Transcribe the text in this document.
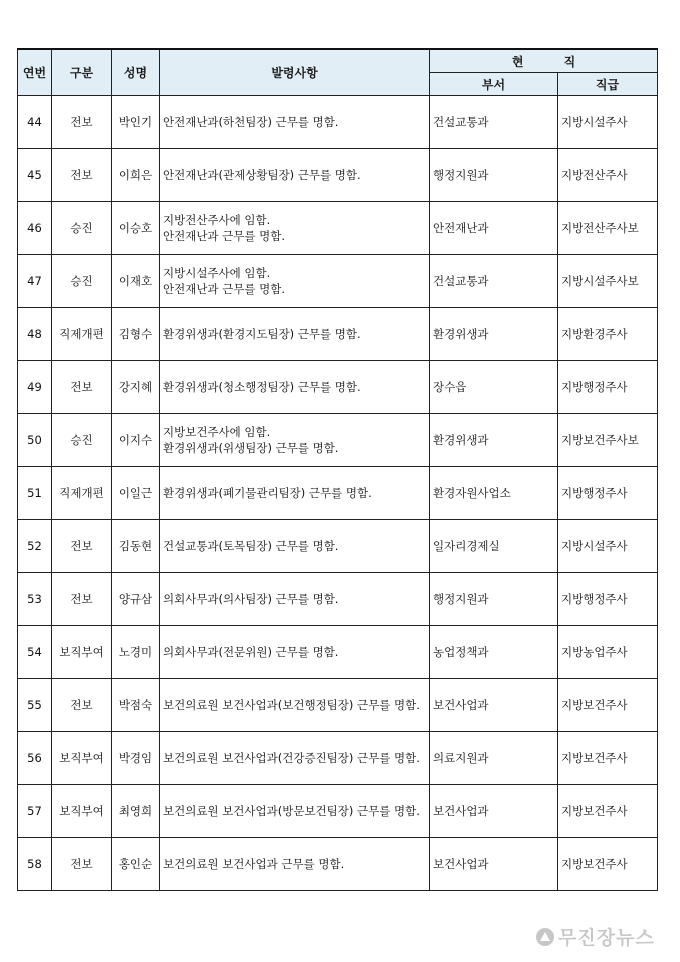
연번	구분	성명	발령사항	현 직	
				부서	직급
44	전보	박인기	안전재난과(하천팀장) 근무를 명함.	건설교통과	지방시설주사
45	전보	이희은	안전재난과(관제상황팀장) 근무를 명함.	행정지원과	지방전산주사
46	승진	이승호	지방전산주사에 임함.
안전재난과 근무를 명함.	안전재난과	지방전산주사보
47	승진	이재호	지방시설주사에 임함.
안전재난과 근무를 명함.	건설교통과	지방시설주사보
48	직제개편	김형수	환경위생과(환경지도팀장) 근무를 명함.	환경위생과	지방환경주사
49	전보	강지혜	환경위생과(청소행정팀장) 근무를 명함.	장수읍	지방행정주사
50	승진	이지수	지방보건주사에 임함.
환경위생과(위생팀장) 근무를 명함.	환경위생과	지방보건주사보
51	직제개편	이일근	환경위생과(폐기물관리팀장) 근무를 명함.	환경자원사업소	지방행정주사
52	전보	김동현	건설교통과(토목팀장) 근무를 명함.	일자리경제실	지방시설주사
53	전보	양규삼	의회사무과(의사팀장) 근무를 명함.	행정지원과	지방행정주사
54	보직부여	노경미	의회사무과(전문위원) 근무를 명함.	농업정책과	지방농업주사
55	전보	박점숙	보건의료원 보건사업과(보건행정팀장) 근무를 명함.	보건사업과	지방보건주사
56	보직부여	박경임	보건의료원 보건사업과(건강증진팀장) 근무를 명함.	의료지원과	지방보건주사
57	보직부여	최영희	보건의료원 보건사업과(방문보건팀장) 근무를 명함.	보건사업과	지방보건주사
58	전보	홍인순	보건의료원 보건사업과 근무를 명함.	보건사업과	지방보건주사
무진장뉴스
